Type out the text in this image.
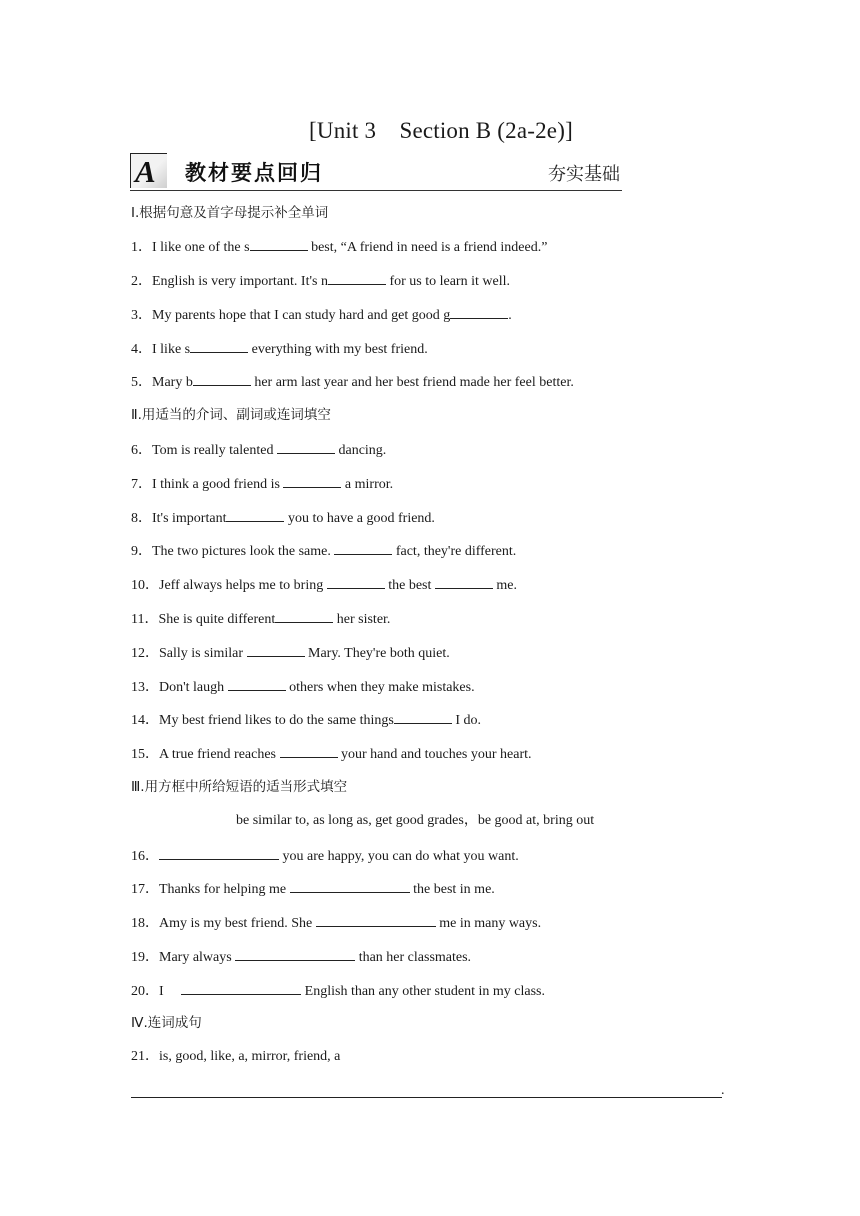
[Unit 3　Section B (2a-2e)]
A 教材要点回归	夯实基础
Ⅰ.根据句意及首字母提示补全单词
1．I like one of the s	best, “A friend in need is a friend indeed.”
2．English is very important. It's n	for us to learn it well.
3．My parents hope that I can study hard and get good g	.
4．I like s	everything with my best friend.
5．Mary b	her arm last year and her best friend made her feel better.
Ⅱ.用适当的介词、副词或连词填空
6．Tom is really talented	dancing.
7．I think a good friend is	a mirror.
8．It's important	you to have a good friend.
9．The two pictures look the same.	fact, they're different.
10．Jeff always helps me to bring	the best	me.
11．She is quite different	her sister.
12．Sally is similar	Mary. They're both quiet.
13．Don't laugh	others when they make mistakes.
14．My best friend likes to do the same things	I do.
15．A true friend reaches	your hand and touches your heart.
Ⅲ.用方框中所给短语的适当形式填空
be similar to, as long as, get good grades，be good at, bring out
16．	you are happy, you can do what you want.
17．Thanks for helping me	the best in me.
18．Amy is my best friend. She	me in many ways.
19．Mary always	than her classmates.
20．I 	English than any other student in my class.
Ⅳ.连词成句
21．is, good, like, a, mirror, friend, a
.
